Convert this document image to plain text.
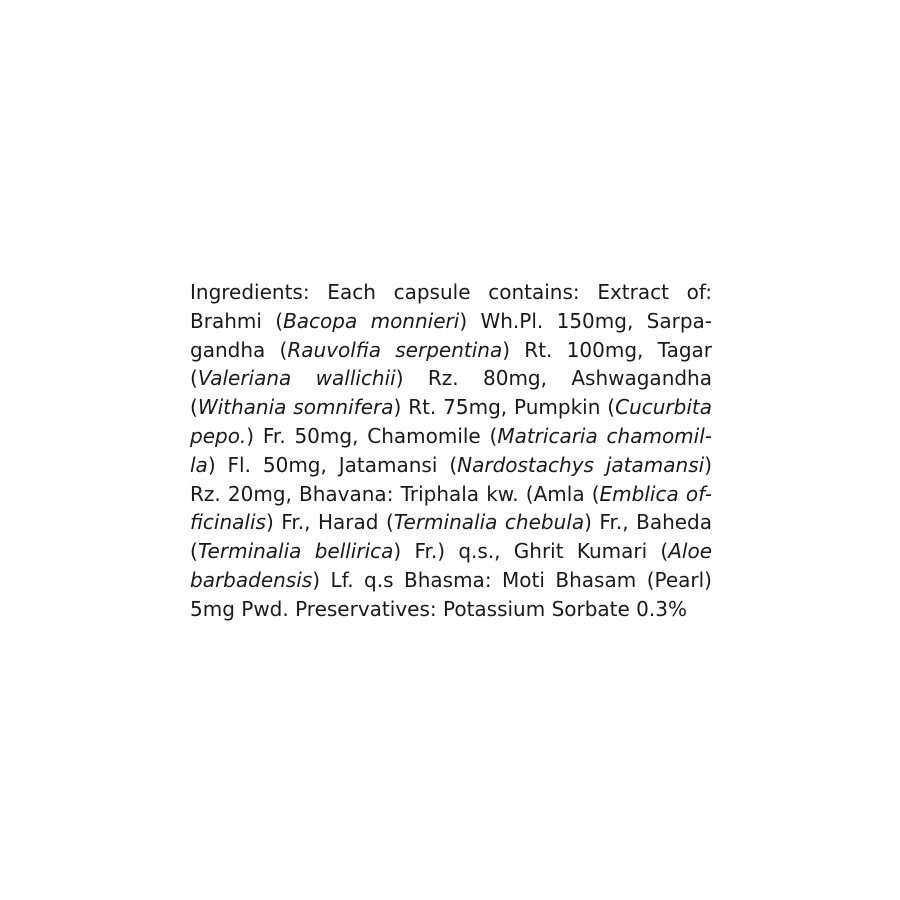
Ingredients: Each capsule contains: Extract of:
Brahmi (Bacopa monnieri) Wh.Pl. 150mg, Sarpa-
gandha (Rauvolfia serpentina) Rt. 100mg, Tagar
(Valeriana wallichii) Rz. 80mg, Ashwagandha
(Withania somnifera) Rt. 75mg, Pumpkin (Cucurbita
pepo.) Fr. 50mg, Chamomile (Matricaria chamomil-
la) Fl. 50mg, Jatamansi (Nardostachys jatamansi)
Rz. 20mg, Bhavana: Triphala kw. (Amla (Emblica of-
ficinalis) Fr., Harad (Terminalia chebula) Fr., Baheda
(Terminalia bellirica) Fr.) q.s., Ghrit Kumari (Aloe
barbadensis) Lf. q.s Bhasma: Moti Bhasam (Pearl)
5mg Pwd. Preservatives: Potassium Sorbate 0.3%
